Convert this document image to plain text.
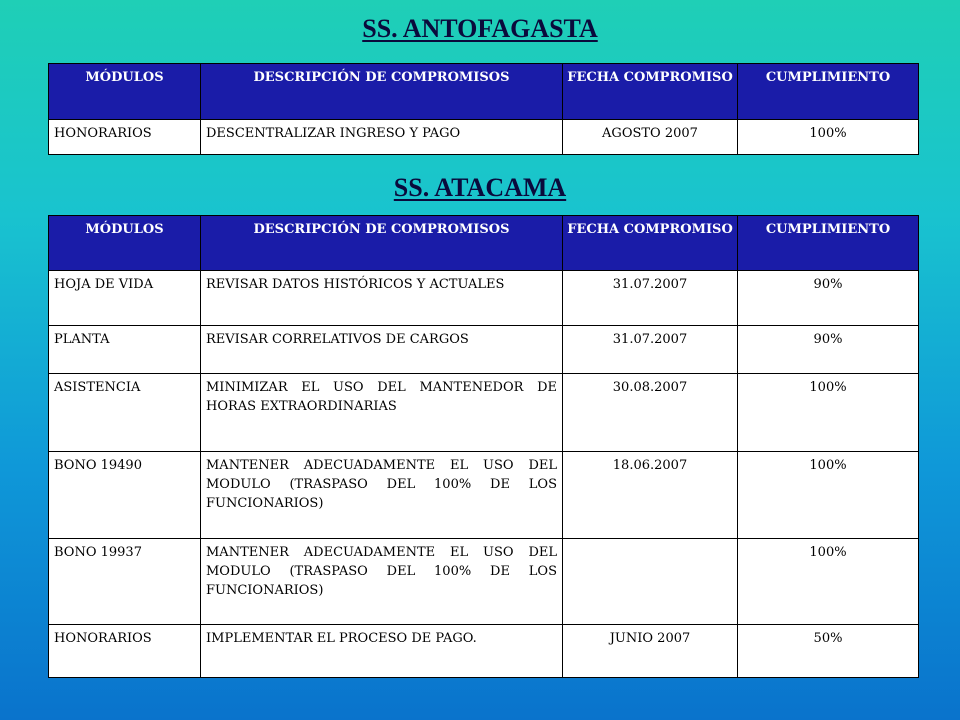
SS. ANTOFAGASTA
MÓDULOS	DESCRIPCIÓN DE COMPROMISOS	FECHA COMPROMISO	CUMPLIMIENTO
HONORARIOS	DESCENTRALIZAR INGRESO Y PAGO	AGOSTO 2007	100%
SS. ATACAMA
MÓDULOS	DESCRIPCIÓN DE COMPROMISOS	FECHA COMPROMISO	CUMPLIMIENTO
HOJA DE VIDA	REVISAR DATOS HISTÓRICOS Y ACTUALES	31.07.2007	90%
PLANTA	REVISAR CORRELATIVOS DE CARGOS	31.07.2007	90%
ASISTENCIA	MINIMIZAR EL USO DEL MANTENEDOR DE HORAS EXTRAORDINARIAS	30.08.2007	100%
BONO 19490	MANTENER ADECUADAMENTE EL USO DEL MODULO (TRASPASO DEL 100% DE LOS FUNCIONARIOS)	18.06.2007	100%
BONO 19937	MANTENER ADECUADAMENTE EL USO DEL MODULO (TRASPASO DEL 100% DE LOS FUNCIONARIOS)		100%
HONORARIOS	IMPLEMENTAR EL PROCESO DE PAGO.	JUNIO 2007	50%
